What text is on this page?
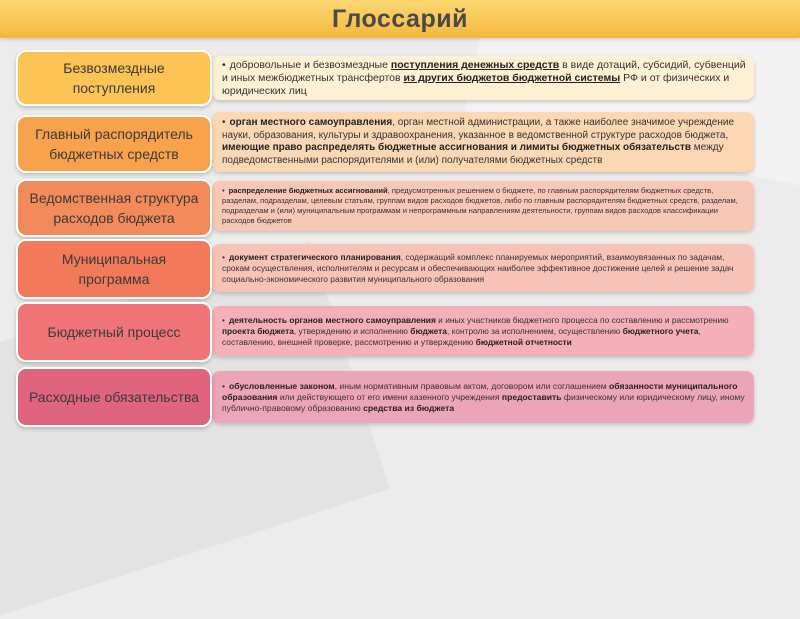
Глоссарий
• добровольные и безвозмездные поступления денежных средств в виде дотаций, субсидий, субвенций и иных межбюджетных трансфертов из других бюджетов бюджетной системы РФ и от физических и юридических лиц
Безвозмездные
поступления
• орган местного самоуправления, орган местной администрации, а также наиболее значимое учреждение науки, образования, культуры и здравоохранения, указанное в ведомственной структуре расходов бюджета, имеющие право распределять бюджетные ассигнования и лимиты бюджетных обязательств между подведомственными распорядителями и (или) получателями бюджетных средств
Главный распорядитель
бюджетных средств
• распределение бюджетных ассигнований, предусмотренных решением о бюджете, по главным распорядителям бюджетных средств, разделам, подразделам, целевым статьям, группам видов расходов бюджетов, либо по главным распорядителям бюджетных средств, разделам, подразделам и (или) муниципальным программам и непрограммным направлениям деятельности, группам видов расходов классификации расходов бюджетов
Ведомственная структура
расходов бюджета
• документ стратегического планирования, содержащий комплекс планируемых мероприятий, взаимоувязанных по задачам, срокам осуществления, исполнителям и ресурсам и обеспечивающих наиболее эффективное достижение целей и решение задач социально-экономического развития муниципального образования
Муниципальная
программа
• деятельность органов местного самоуправления и иных участников бюджетного процесса по составлению и рассмотрению проекта бюджета, утверждению и исполнению бюджета, контролю за исполнением, осуществлению бюджетного учета, составлению, внешней проверке, рассмотрению и утверждению бюджетной отчетности
Бюджетный процесс
• обусловленные законом, иным нормативным правовым актом, договором или соглашением обязанности муниципального образования или действующего от его имени казенного учреждения предоставить физическому или юридическому лицу, иному публично-правовому образованию средства из бюджета
Расходные обязательства
